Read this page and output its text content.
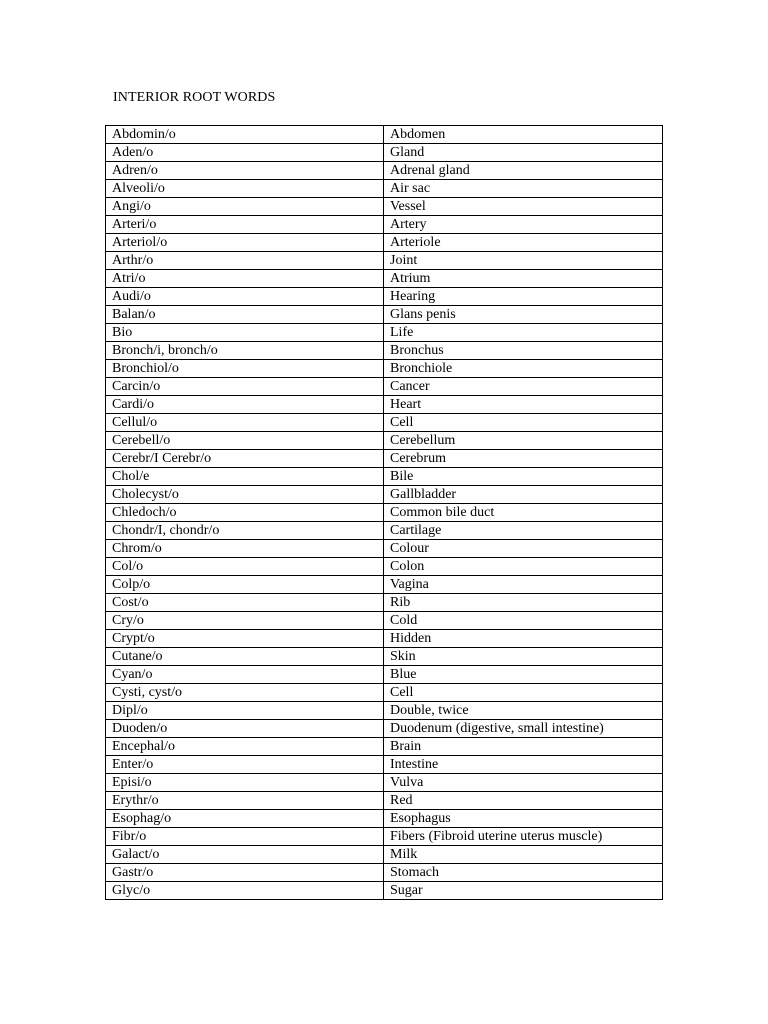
INTERIOR ROOT WORDS
Abdomin/o	Abdomen
Aden/o	Gland
Adren/o	Adrenal gland
Alveoli/o	Air sac
Angi/o	Vessel
Arteri/o	Artery
Arteriol/o	Arteriole
Arthr/o	Joint
Atri/o	Atrium
Audi/o	Hearing
Balan/o	Glans penis
Bio	Life
Bronch/i, bronch/o	Bronchus
Bronchiol/o	Bronchiole
Carcin/o	Cancer
Cardi/o	Heart
Cellul/o	Cell
Cerebell/o	Cerebellum
Cerebr/I Cerebr/o	Cerebrum
Chol/e	Bile
Cholecyst/o	Gallbladder
Chledoch/o	Common bile duct
Chondr/I, chondr/o	Cartilage
Chrom/o	Colour
Col/o	Colon
Colp/o	Vagina
Cost/o	Rib
Cry/o	Cold
Crypt/o	Hidden
Cutane/o	Skin
Cyan/o	Blue
Cysti, cyst/o	Cell
Dipl/o	Double, twice
Duoden/o	Duodenum (digestive, small intestine)
Encephal/o	Brain
Enter/o	Intestine
Episi/o	Vulva
Erythr/o	Red
Esophag/o	Esophagus
Fibr/o	Fibers (Fibroid uterine uterus muscle)
Galact/o	Milk
Gastr/o	Stomach
Glyc/o	Sugar
